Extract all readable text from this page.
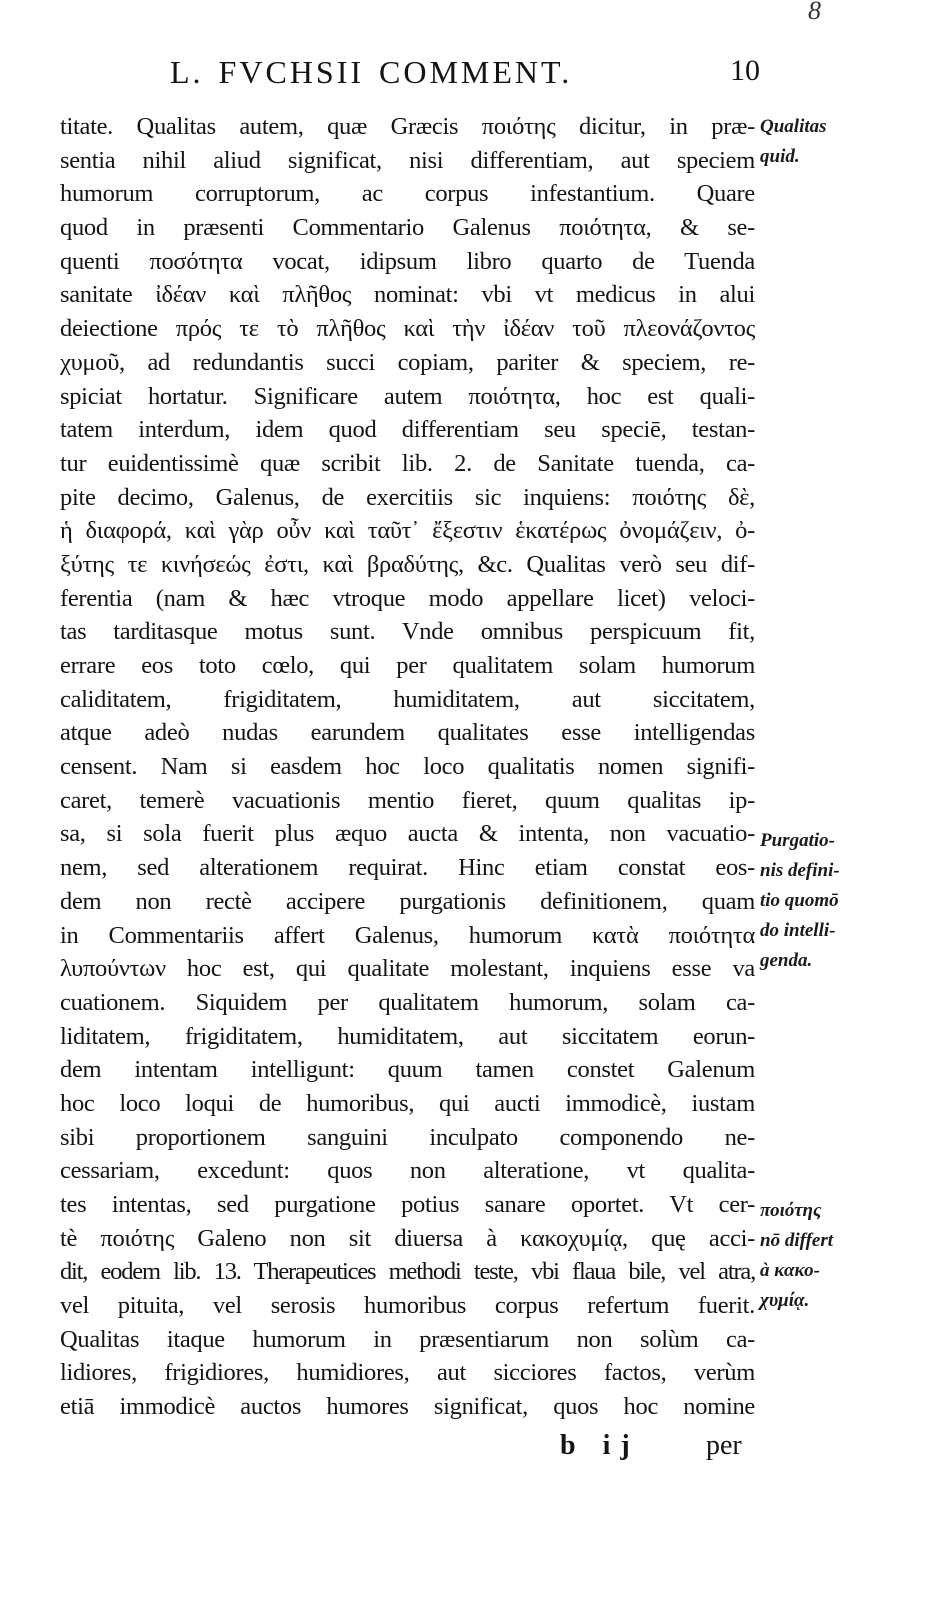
8
L. FVCHSII COMMENT.	10
titate. Qualitas autem, quæ Græcis ποιότης dicitur, in præ-
sentia nihil aliud significat, nisi differentiam, aut speciem
humorum corruptorum, ac corpus infestantium. Quare
quod in præsenti Commentario Galenus ποιότητα, & se-
quenti ποσότητα vocat, idipsum libro quarto de Tuenda
sanitate ἰδέαν καὶ πλῆθος nominat: vbi vt medicus in alui
deiectione πρός τε τὸ πλῆθος καὶ τὴν ἰδέαν τοῦ πλεονάζοντος
χυμοῦ, ad redundantis succi copiam, pariter & speciem, re-
spiciat hortatur. Significare autem ποιότητα, hoc est quali-
tatem interdum, idem quod differentiam seu speciē, testan-
tur euidentissimè quæ scribit lib. 2. de Sanitate tuenda, ca-
pite decimo, Galenus, de exercitiis sic inquiens: ποιότης δὲ,
ἡ διαφορά, καὶ γὰρ οὖν καὶ ταῦτ᾽ ἔξεστιν ἑκατέρως ὀνομάζειν, ὀ-
ξύτης τε κινήσεώς ἐστι, καὶ βραδύτης, &c. Qualitas verò seu dif-
ferentia (nam & hæc vtroque modo appellare licet) veloci-
tas tarditasque motus sunt. Vnde omnibus perspicuum fit,
errare eos toto cœlo, qui per qualitatem solam humorum
caliditatem, frigiditatem, humiditatem, aut siccitatem,
atque adeò nudas earundem qualitates esse intelligendas
censent. Nam si easdem hoc loco qualitatis nomen signifi-
caret, temerè vacuationis mentio fieret, quum qualitas ip-
sa, si sola fuerit plus æquo aucta & intenta, non vacuatio-
nem, sed alterationem requirat. Hinc etiam constat eos-
dem non rectè accipere purgationis definitionem, quam
in Commentariis affert Galenus, humorum κατὰ ποιότητα
λυπούντων hoc est, qui qualitate molestant, inquiens esse va
cuationem. Siquidem per qualitatem humorum, solam ca-
liditatem, frigiditatem, humiditatem, aut siccitatem eorun-
dem intentam intelligunt: quum tamen constet Galenum
hoc loco loqui de humoribus, qui aucti immodicè, iustam
sibi proportionem sanguini inculpato componendo ne-
cessariam, excedunt: quos non alteratione, vt qualita-
tes intentas, sed purgatione potius sanare oportet. Vt cer-
tè ποιότης Galeno non sit diuersa à κακοχυμίᾳ, quę acci-
dit, eodem lib. 13. Therapeutices methodi teste, vbi flaua bile, vel atra,
vel pituita, vel serosis humoribus corpus refertum fuerit.
Qualitas itaque humorum in præsentiarum non solùm ca-
lidiores, frigidiores, humidiores, aut sicciores factos, verùm
etiā immodicè auctos humores significat, quos hoc nomine
Qualitas
quid.
Purgatio-
nis defini-
tio quomō
do intelli-
genda.
ποιότης
nō differt
à κακο-
χυμίᾳ.
b ij per
